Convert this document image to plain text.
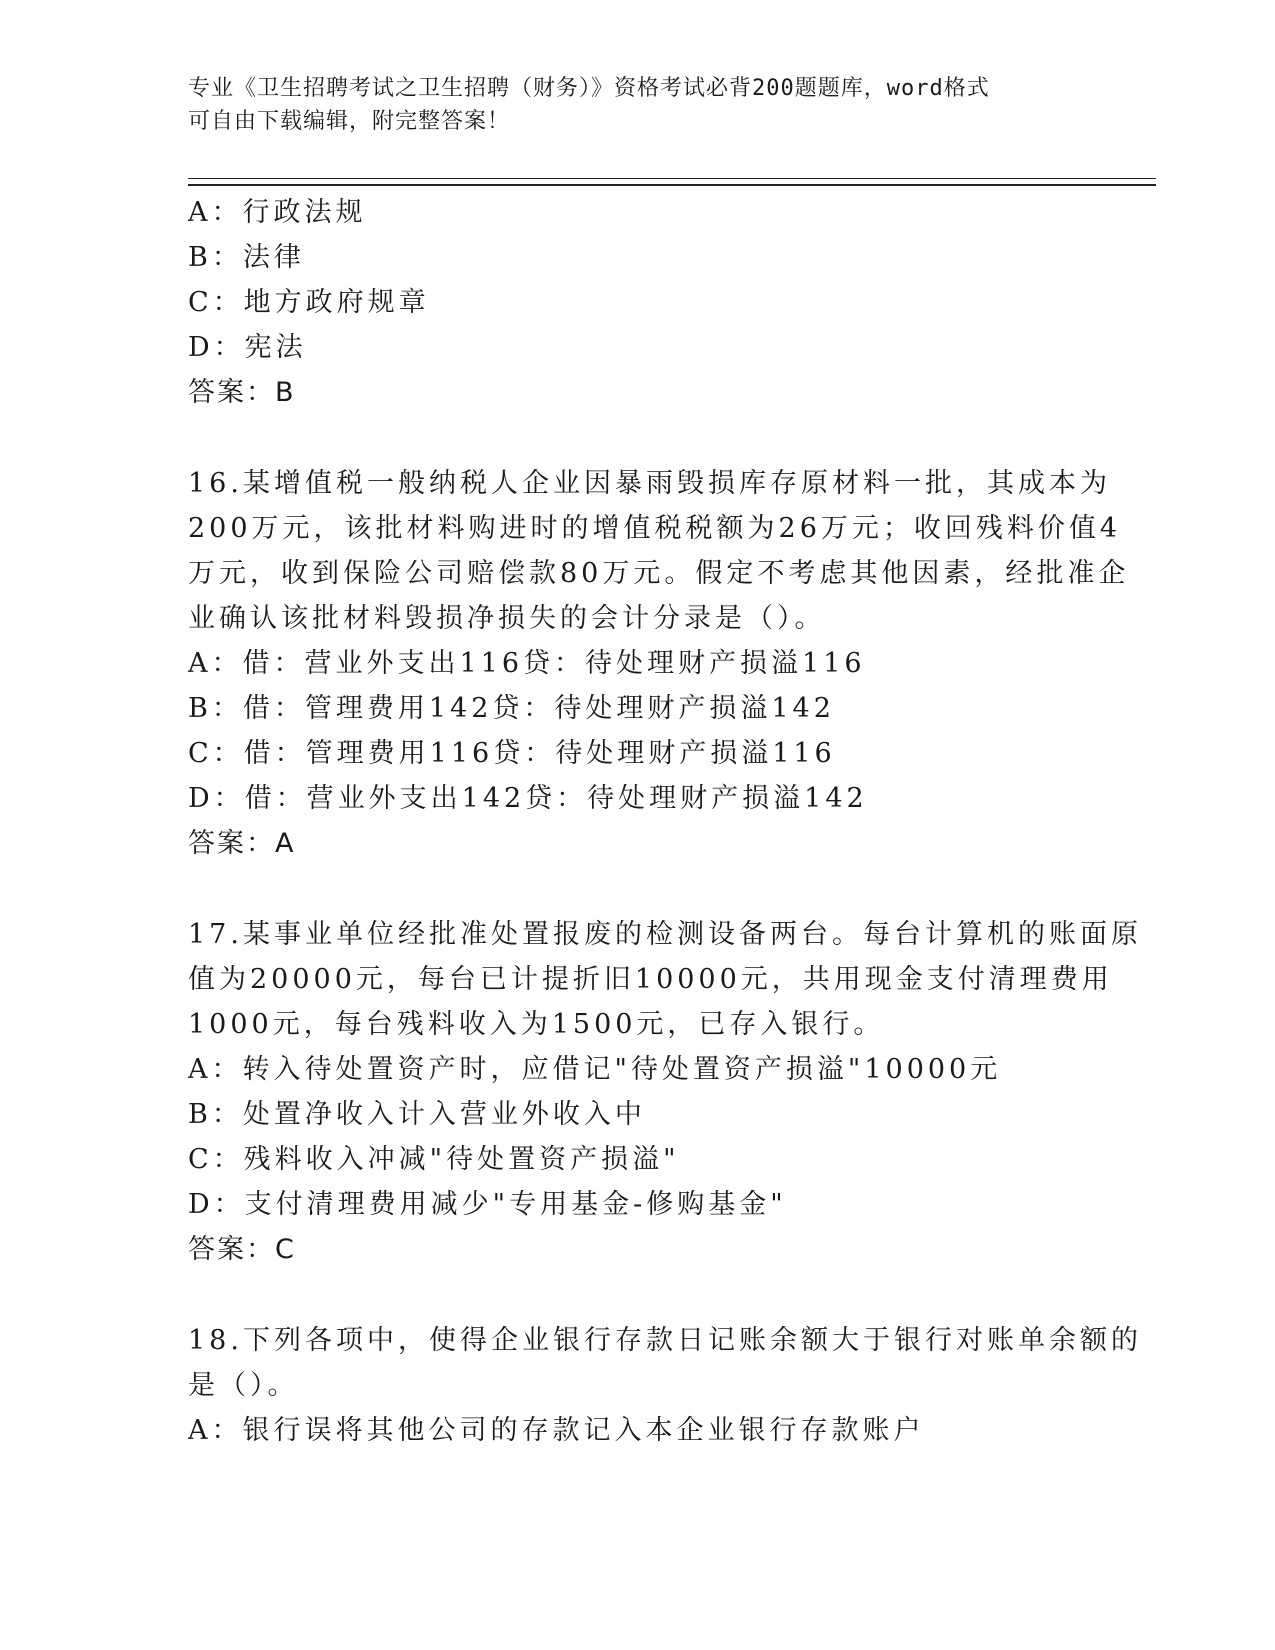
专业《卫生招聘考试之卫生招聘（财务）》资格考试必背200题题库，word格式
可自由下载编辑，附完整答案！
A：行政法规
B：法律
C：地方政府规章
D：宪法
答案：B
16.某增值税一般纳税人企业因暴雨毁损库存原材料一批，其成本为
200万元，该批材料购进时的增值税税额为26万元；收回残料价值4
万元，收到保险公司赔偿款80万元。假定不考虑其他因素，经批准企
业确认该批材料毁损净损失的会计分录是（）。
A：借：营业外支出116贷：待处理财产损溢116
B：借：管理费用142贷：待处理财产损溢142
C：借：管理费用116贷：待处理财产损溢116
D：借：营业外支出142贷：待处理财产损溢142
答案：A
17.某事业单位经批准处置报废的检测设备两台。每台计算机的账面原
值为20000元，每台已计提折旧10000元，共用现金支付清理费用
1000元，每台残料收入为1500元，已存入银行。
A：转入待处置资产时，应借记"待处置资产损溢"10000元
B：处置净收入计入营业外收入中
C：残料收入冲减"待处置资产损溢"
D：支付清理费用减少"专用基金-修购基金"
答案：C
18.下列各项中，使得企业银行存款日记账余额大于银行对账单余额的
是（）。
A：银行误将其他公司的存款记入本企业银行存款账户
